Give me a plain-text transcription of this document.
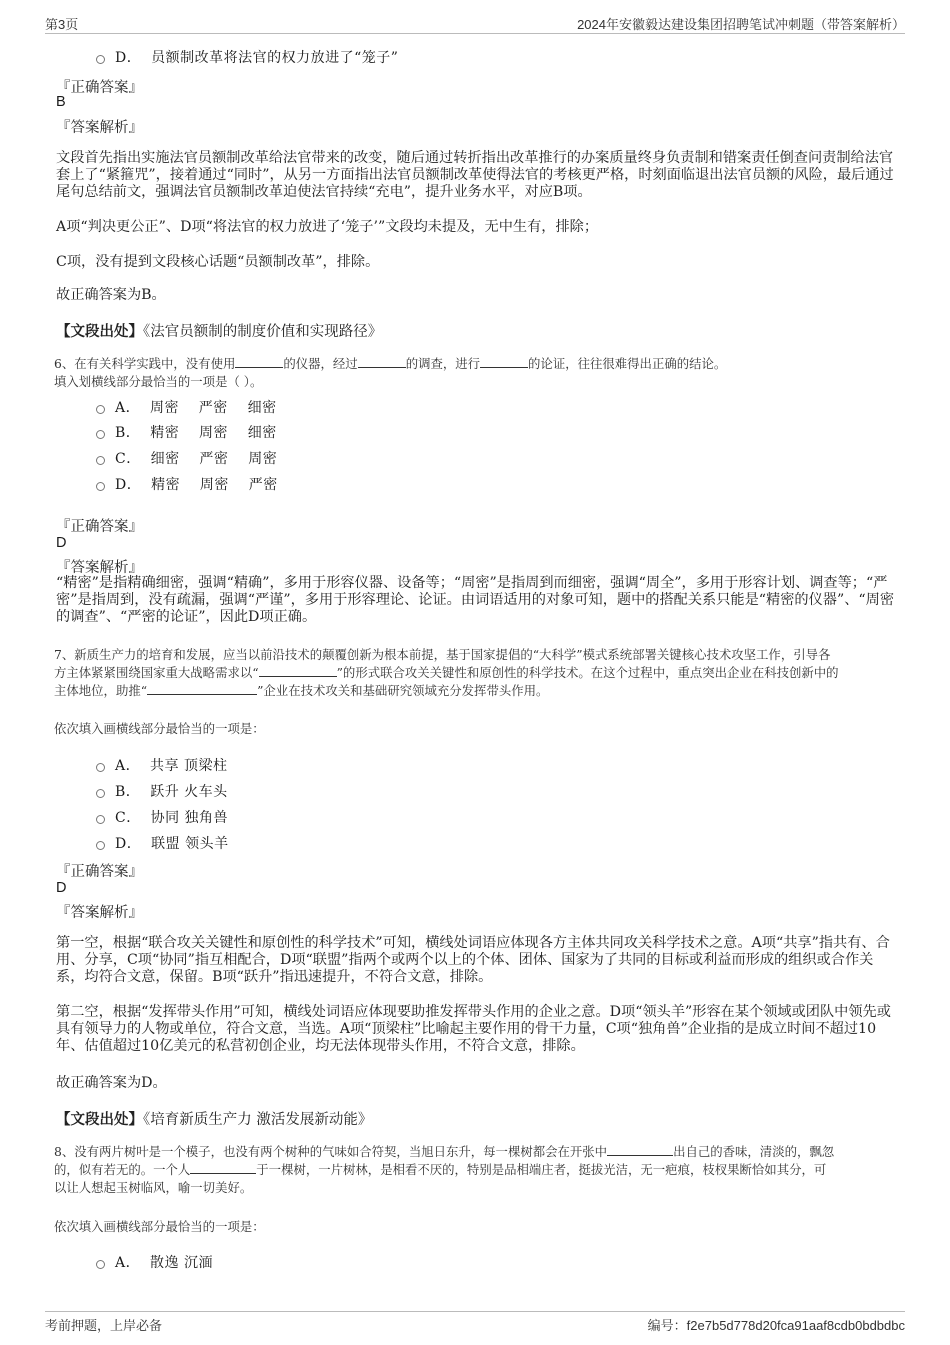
第3页	2024年安徽毅达建设集团招聘笔试冲刺题（带答案解析）
D．  员额制改革将法官的权力放进了“笼子”
『正确答案』
B
『答案解析』
文段首先指出实施法官员额制改革给法官带来的改变，随后通过转折指出改革推行的办案质量终身负责制和错案责任倒查问责制给法官套上了“紧箍咒”，接着通过“同时”，从另一方面指出法官员额制改革使得法官的考核更严格，时刻面临退出法官员额的风险，最后通过尾句总结前文，强调法官员额制改革迫使法官持续“充电”，提升业务水平，对应B项。
A项“判决更公正”、D项“将法官的权力放进了‘笼子’”文段均未提及，无中生有，排除；
C项，没有提到文段核心话题“员额制改革”，排除。
故正确答案为B。
【文段出处】《法官员额制的制度价值和实现路径》
6、在有关科学实践中，没有使用	的仪器，经过	的调查，进行	的论证，往往很难得出正确的结论。
填入划横线部分最恰当的一项是（ ）。
A．  周密    严密    细密
B．  精密    周密    细密
C．  细密    严密    周密
D．  精密    周密    严密
『正确答案』
D
『答案解析』
“精密”是指精确细密，强调“精确”，多用于形容仪器、设备等；“周密”是指周到而细密，强调“周全”，多用于形容计划、调查等；“严密”是指周到，没有疏漏，强调“严谨”，多用于形容理论、论证。由词语适用的对象可知，题中的搭配关系只能是“精密的仪器”、“周密的调查”、“严密的论证”，因此D项正确。
7、新质生产力的培育和发展，应当以前沿技术的颠覆创新为根本前提，基于国家提倡的“大科学”模式系统部署关键核心技术攻坚工作，引导各
方主体紧紧围绕国家重大战略需求以“	”的形式联合攻关关键性和原创性的科学技术。在这个过程中，重点突出企业在科技创新中的
主体地位，助推“	”企业在技术攻关和基础研究领域充分发挥带头作用。
依次填入画横线部分最恰当的一项是：
A．  共享 顶梁柱
B．  跃升 火车头
C．  协同 独角兽
D．  联盟 领头羊
『正确答案』
D
『答案解析』
第一空，根据“联合攻关关键性和原创性的科学技术”可知，横线处词语应体现各方主体共同攻关科学技术之意。A项“共享”指共有、合用、分享，C项“协同”指互相配合，D项“联盟”指两个或两个以上的个体、团体、国家为了共同的目标或利益而形成的组织或合作关系，均符合文意，保留。B项“跃升”指迅速提升，不符合文意，排除。
第二空，根据“发挥带头作用”可知，横线处词语应体现要助推发挥带头作用的企业之意。D项“领头羊”形容在某个领域或团队中领先或具有领导力的人物或单位，符合文意，当选。A项“顶梁柱”比喻起主要作用的骨干力量，C项“独角兽”企业指的是成立时间不超过10年、估值超过10亿美元的私营初创企业，均无法体现带头作用，不符合文意，排除。
故正确答案为D。
【文段出处】《培育新质生产力 激活发展新动能》
8、没有两片树叶是一个模子，也没有两个树种的气味如合符契，当旭日东升，每一棵树都会在开张中	出自己的香味，清淡的，飘忽
的，似有若无的。一个人	于一棵树，一片树林，是相看不厌的，特别是品相端庄者，挺拔光洁，无一疤痕，枝杈果断恰如其分，可
以让人想起玉树临风，喻一切美好。
依次填入画横线部分最恰当的一项是：
A．  散逸 沉湎
考前押题，上岸必备	编号：f2e7b5d778d20fca91aaf8cdb0bdbdbc
